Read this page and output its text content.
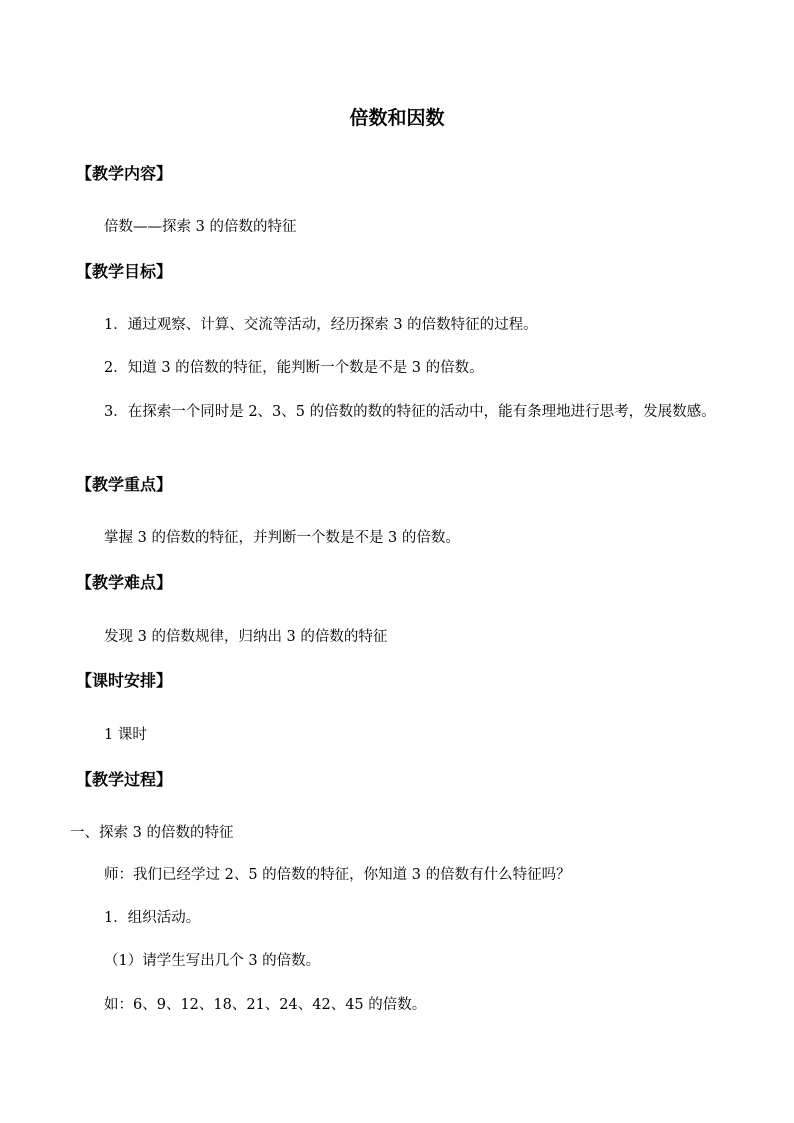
倍数和因数
【教学内容】
倍数——探索 3 的倍数的特征
【教学目标】
1．通过观察、计算、交流等活动，经历探索 3 的倍数特征的过程。
2．知道 3 的倍数的特征，能判断一个数是不是 3 的倍数。
3．在探索一个同时是 2、3、5 的倍数的数的特征的活动中，能有条理地进行思考，发展数感。
【教学重点】
掌握 3 的倍数的特征，并判断一个数是不是 3 的倍数。
【教学难点】
发现 3 的倍数规律，归纳出 3 的倍数的特征
【课时安排】
1 课时
【教学过程】
一、探索 3 的倍数的特征
师：我们已经学过 2、5 的倍数的特征，你知道 3 的倍数有什么特征吗？
1．组织活动。
（1）请学生写出几个 3 的倍数。
如：6、9、12、18、21、24、42、45 的倍数。
